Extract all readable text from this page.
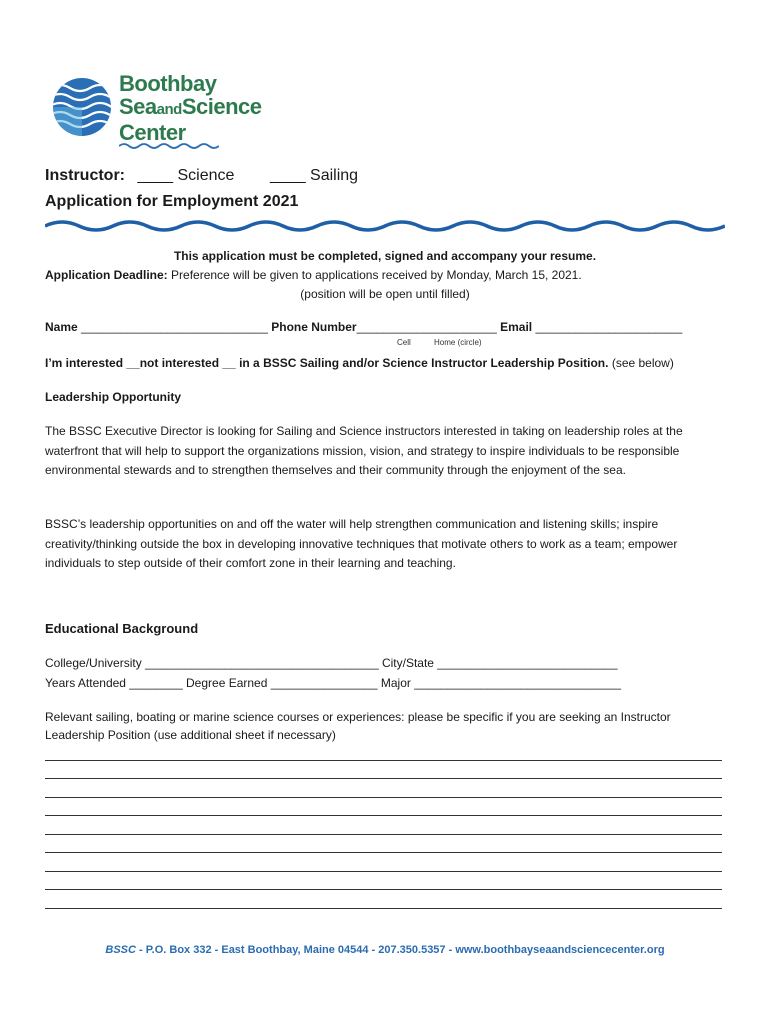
Boothbay
SeaandScience
Center
Instructor: ____ Science ____ Sailing
Application for Employment 2021
This application must be completed, signed and accompany your resume.
Application Deadline: Preference will be given to applications received by Monday, March 15, 2021.
(position will be open until filled)
Name ____________________________ Phone Number_____________________ Email ______________________
Cell	Home (circle)
I’m interested __not interested __ in a BSSC Sailing and/or Science Instructor Leadership Position. (see below)
Leadership Opportunity
The BSSC Executive Director is looking for Sailing and Science instructors interested in taking on leadership roles at the waterfront that will help to support the organizations mission, vision, and strategy to inspire individuals to be responsible environmental stewards and to strengthen themselves and their community through the enjoyment of the sea.
BSSC’s leadership opportunities on and off the water will help strengthen communication and listening skills; inspire creativity/thinking outside the box in developing innovative techniques that motivate others to work as a team; empower individuals to step outside of their comfort zone in their learning and teaching.
Educational Background
College/University ___________________________________ City/State ___________________________
Years Attended ________ Degree Earned ________________ Major _______________________________
Relevant sailing, boating or marine science courses or experiences: please be specific if you are seeking an Instructor Leadership Position (use additional sheet if necessary)
BSSC - P.O. Box 332 - East Boothbay, Maine 04544 - 207.350.5357 - www.boothbayseaandsciencecenter.org
